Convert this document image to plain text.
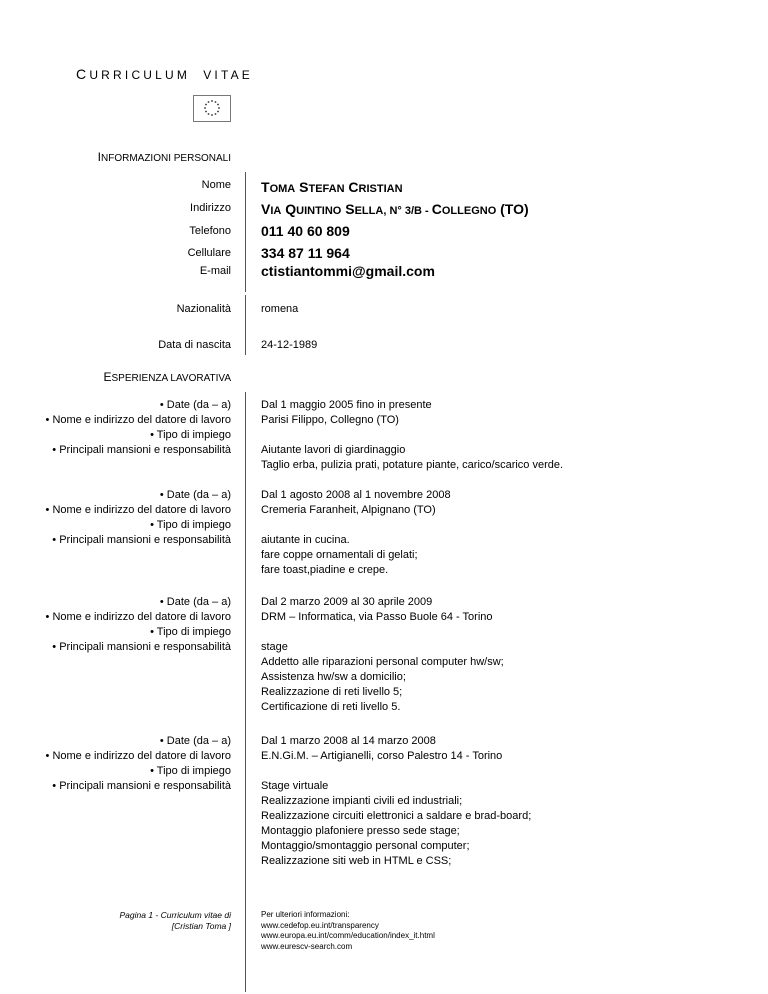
CURRICULUM VITAE
INFORMAZIONI PERSONALI
Nome TOMA STEFAN CRISTIAN
Indirizzo VIA QUINTINO SELLA, N° 3/B - COLLEGNO (TO)
Telefono 011 40 60 809
Cellulare 334 87 11 964
E-mail ctistiantommi@gmail.com
Nazionalità	romena
Data di nascita	24-12-1989
ESPERIENZA LAVORATIVA
• Date (da – a)
• Nome e indirizzo del datore di lavoro
• Tipo di impiego
• Principali mansioni e responsabilità
Dal 1 maggio 2005 fino in presente
Parisi Filippo, Collegno (TO)
Aiutante lavori di giardinaggio
Taglio erba, pulizia prati, potature piante, carico/scarico verde.
• Date (da – a)
• Nome e indirizzo del datore di lavoro
• Tipo di impiego
• Principali mansioni e responsabilità
Dal 1 agosto 2008 al 1 novembre 2008
Cremeria Faranheit, Alpignano (TO)
aiutante in cucina.
fare coppe ornamentali di gelati;
fare toast,piadine e crepe.
• Date (da – a)
• Nome e indirizzo del datore di lavoro
• Tipo di impiego
• Principali mansioni e responsabilità
Dal 2 marzo 2009 al 30 aprile 2009
DRM – Informatica, via Passo Buole 64 - Torino
stage
Addetto alle riparazioni personal computer hw/sw;
Assistenza hw/sw a domicilio;
Realizzazione di reti livello 5;
Certificazione di reti livello 5.
• Date (da – a)
• Nome e indirizzo del datore di lavoro
• Tipo di impiego
• Principali mansioni e responsabilità
Dal 1 marzo 2008 al 14 marzo 2008
E.N.Gi.M. – Artigianelli, corso Palestro 14 - Torino
Stage virtuale
Realizzazione impianti civili ed industriali;
Realizzazione circuiti elettronici a saldare e brad-board;
Montaggio plafoniere presso sede stage;
Montaggio/smontaggio personal computer;
Realizzazione siti web in HTML e CSS;
Pagina 1 - Curriculum vitae di
[Cristian Toma ]
Per ulteriori informazioni:
www.cedefop.eu.int/transparency
www.europa.eu.int/comm/education/index_it.html
www.eurescv-search.com
